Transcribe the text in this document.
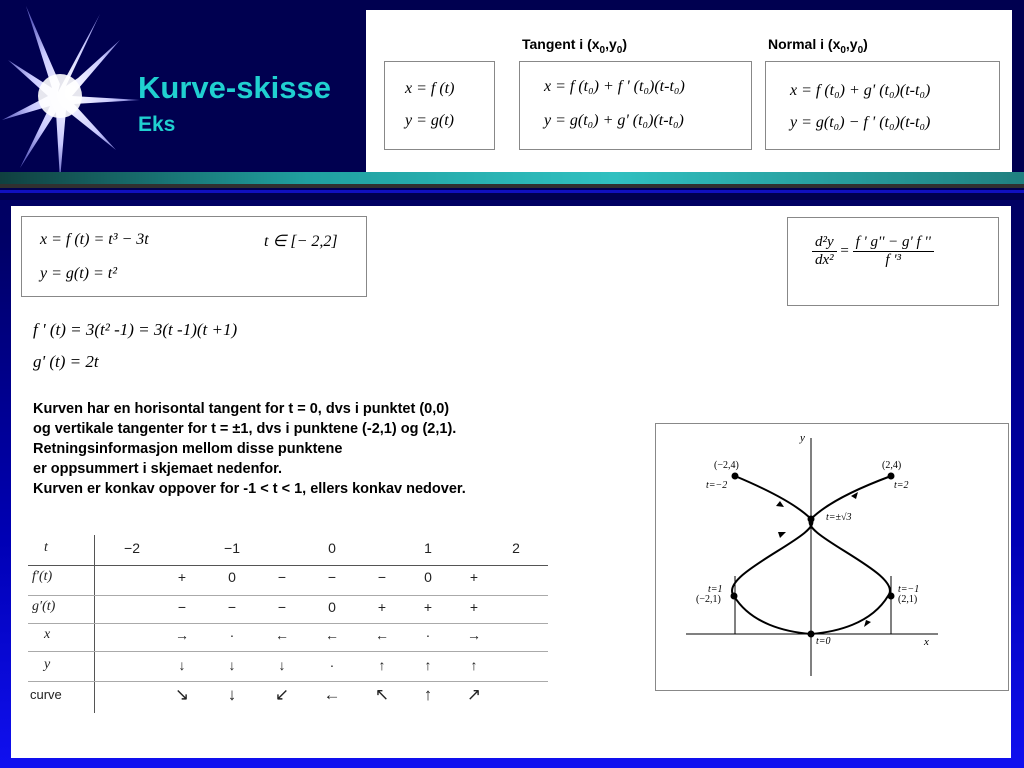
Kurve-skisse
Eks
Tangent i $(x_0,y_0)$	Normal i $(x_0,y_0)$
x = f (t)
y = g(t)
x = f (t₀) + f ' (t₀)(t-t₀)
y = g(t₀) + g' (t₀)(t-t₀)
x = f (t₀) + g' (t₀)(t-t₀)
y = g(t₀) − f ' (t₀)(t-t₀)
x = f (t) = t³ − 3t	t ∈ [− 2,2]
y = g(t) = t²
$\frac{\text{d²y}}{\text{dx²}} = \frac{f ' g'' - g' f ''}{\text{f '³}}$
f ' (t) = 3(t² -1) = 3(t -1)(t +1)
g' (t) = 2t
Kurven har en horisontal tangent for t = 0, dvs i punktet (0,0)
og vertikale tangenter for t = ±1, dvs i punktene (-2,1) og (2,1).
Retningsinformasjon mellom disse punktene
er oppsummert i skjemaet nedenfor.
Kurven er konkav oppover for -1 < t < 1, ellers konkav nedover.
t	−2	−1	0	1	2
f′(t)	+	0	−	−	−	0	+
g′(t)	−	−	−	0	+	+	+
x	→	·	←	←	←	·	→
y	↓	↓	↓	·	↑	↑	↑
curve	↘	↓	↙	←	↖	↑	↗
y
x
(−2,4)	(2,4)
t=−2	t=2
t=±√3
t=1
(−2,1)
t=−1
(2,1)
t=0
